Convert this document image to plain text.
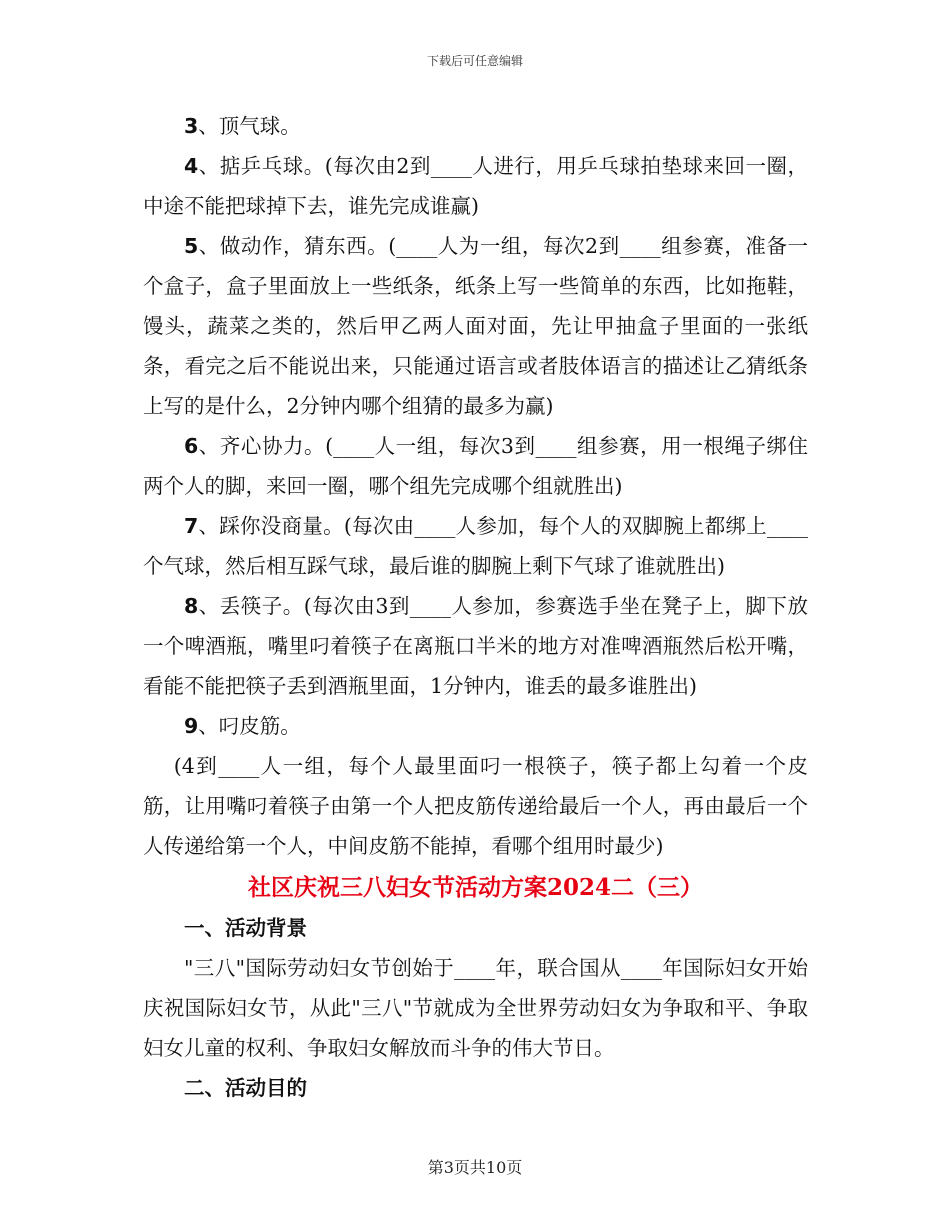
下载后可任意编辑

3、顶气球。

4、掂乒乓球。(每次由2到____人进行，用乒乓球拍垫球来回一圈，中途不能把球掉下去，谁先完成谁赢)

5、做动作，猜东西。(____人为一组，每次2到____组参赛，准备一个盒子，盒子里面放上一些纸条，纸条上写一些简单的东西，比如拖鞋，馒头，蔬菜之类的，然后甲乙两人面对面，先让甲抽盒子里面的一张纸条，看完之后不能说出来，只能通过语言或者肢体语言的描述让乙猜纸条上写的是什么，2分钟内哪个组猜的最多为赢)

6、齐心协力。(____人一组，每次3到____组参赛，用一根绳子绑住两个人的脚，来回一圈，哪个组先完成哪个组就胜出)

7、踩你没商量。(每次由____人参加，每个人的双脚腕上都绑上____个气球，然后相互踩气球，最后谁的脚腕上剩下气球了谁就胜出)

8、丢筷子。(每次由3到____人参加，参赛选手坐在凳子上，脚下放一个啤酒瓶，嘴里叼着筷子在离瓶口半米的地方对准啤酒瓶然后松开嘴，看能不能把筷子丢到酒瓶里面，1分钟内，谁丢的最多谁胜出)

9、叼皮筋。

(4到____人一组，每个人最里面叼一根筷子，筷子都上勾着一个皮筋，让用嘴叼着筷子由第一个人把皮筋传递给最后一个人，再由最后一个人传递给第一个人，中间皮筋不能掉，看哪个组用时最少)

社区庆祝三八妇女节活动方案2024二（三）

一、活动背景

"三八"国际劳动妇女节创始于____年，联合国从____年国际妇女开始庆祝国际妇女节，从此"三八"节就成为全世界劳动妇女为争取和平、争取妇女儿童的权利、争取妇女解放而斗争的伟大节日。

二、活动目的

第3页共10页
